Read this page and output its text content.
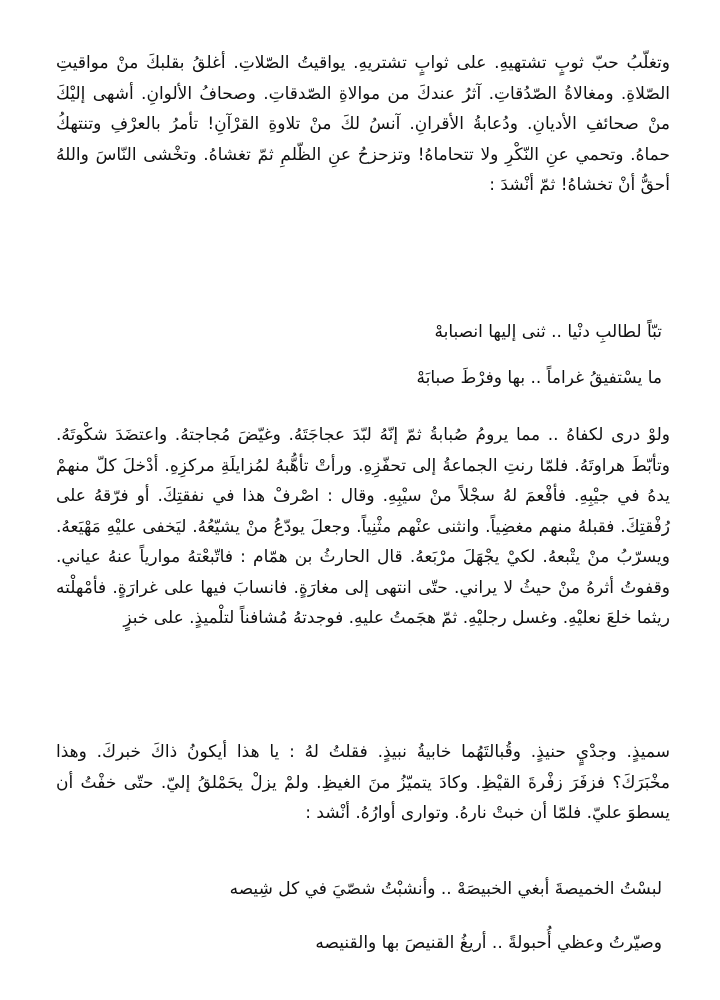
وتغلّبُ حبّ ثوبٍ تشتهيهِ. على ثوابٍ تشتريهِ. يواقيتُ الصّلاتِ. أغلقُ بقلبكَ منْ مواقيتِ الصّلاةِ. ومغالاةُ الصّدُقاتِ. آثرُ عندكَ من موالاةِ الصّدقاتِ. وصحافُ الألوانِ. أشهى إليْكَ منْ صحائفِ الأديانِ. ودُعابةُ الأقرانِ. آنسُ لكَ منْ تلاوةِ القرْآنِ! تأمرُ بالعرْفِ وتنتهكُ حماهُ. وتحمي عنِ النّكْرِ ولا تتحاماهُ! وتزحزحُ عنِ الظّلمِ ثمّ تغشاهُ. وتخْشى النّاسَ واللهُ أحقُّ أنْ تخشاهُ! ثمّ أنْشدَ :

تبّاً لطالبِ دنْيا .. ثنى إليها انصبابهْ

ما يسْتفيقُ غراماً .. بها وفرْطَ صبابَهْ

ولوْ درى لكفاهُ .. مما يرومُ صُبابةُ ثمّ إنّهُ لبّدَ عجاجَتَهُ. وغيّضَ مُجاجتهُ. واعتضَدَ شكْوتَهُ. وتأبّطَ هراوتَهُ. فلمّا رنتِ الجماعةُ إلى تحفّزِهِ. ورأتْ تأهُّبهُ لمُزايلَةِ مركزِهِ. أدْخلَ كلّ منهمْ يدهُ في جيْبِهِ. فأفْعمَ لهُ سجْلاً منْ سيْبِهِ. وقال : اصْرفْ هذا في نفقتِكَ. أو فرّقهُ على رُفْقتِكَ. فقبلهُ منهم مغضِياً. وانثنى عنْهم مثْنِياً. وجعلَ يودّعُ منْ يشيّعُهُ. ليَخفى عليْهِ مَهْيَعهُ. ويسرّبُ منْ يتْبعهُ. لكيْ يجْهَلَ مرْبَعهُ. قال الحارثُ بن همّام : فاتّبعْتهُ موارياً عنهُ عياني. وقفوتُ أثرهُ منْ حيثُ لا يراني. حتّى انتهى إلى مغارَةٍ. فانسابَ فيها على غرارَةٍ. فأمْهلْته ريثما خلعَ نعليْهِ. وغسل رجليْهِ. ثمّ هجَمتُ عليهِ. فوجدتهُ مُشافناً لتلْميذٍ. على خبزٍ

سميذٍ. وجدْيٍ حنيذٍ. وقُبالتَهُما خابيةُ نبيذٍ. فقلتُ لهُ : يا هذا أيكونُ ذاكَ خبركَ. وهذا مخْبَرَكَ؟ فزفَرَ زفْرةَ القيْظِ. وكادَ يتميّزُ منَ الغيظِ. ولمْ يزلْ يحَمْلقُ إليّ. حتّى خفْتُ أن يسطوَ عليّ. فلمّا أن خبتْ نارهُ. وتوارى أوارُهُ. أنْشد :

لبسْتُ الخميصةَ أبغي الخبيصَهْ .. وأنشبْتُ شصّيَ في كل شِيصه

وصيّرتُ وعظي أُحبولةً .. أريغُ القنيصَ بها والقنيصه
